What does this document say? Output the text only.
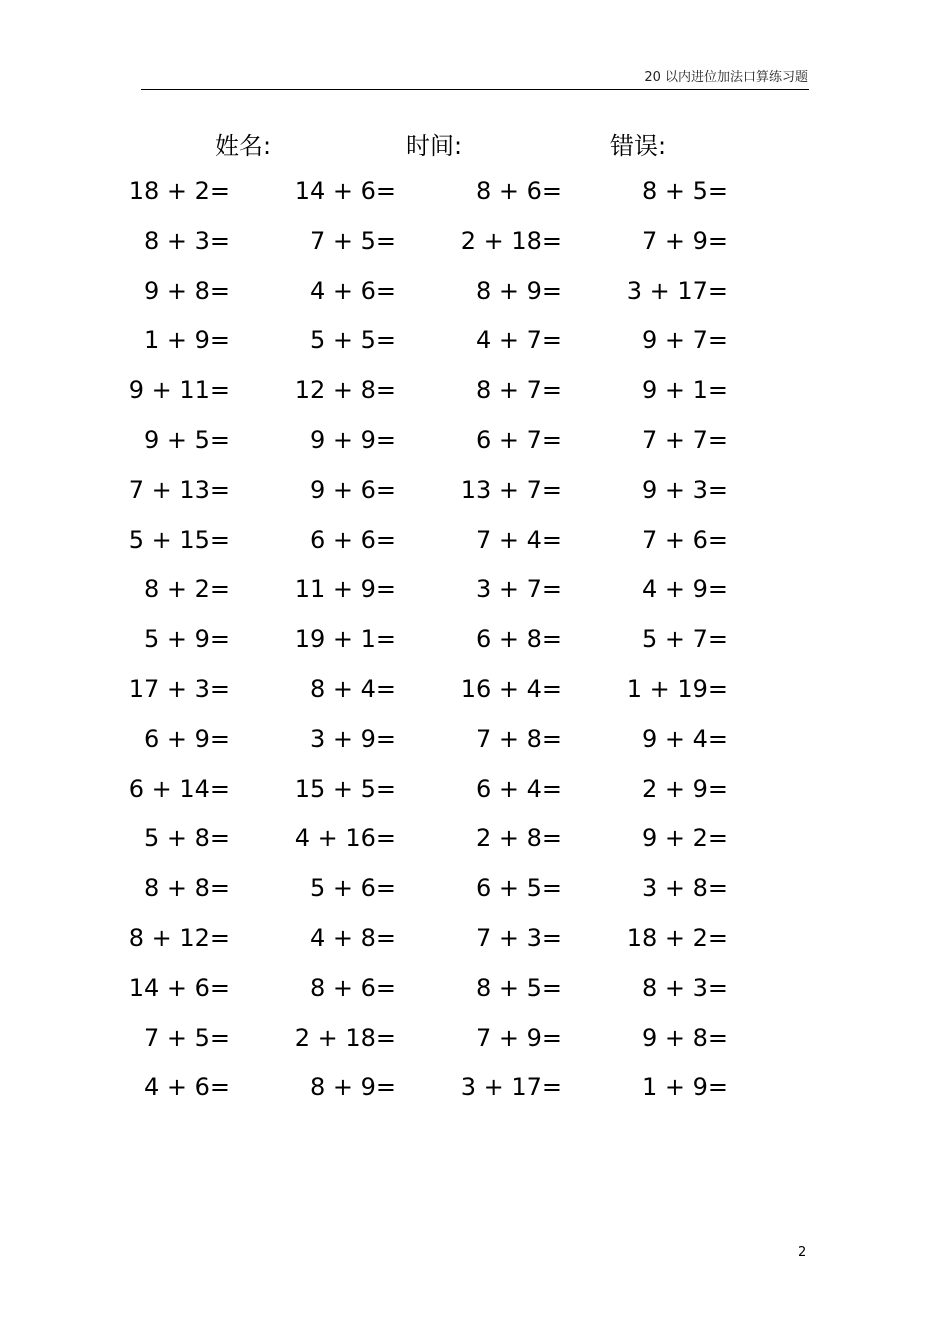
20 以内进位加法口算练习题
姓名:	时间:	错误:
18 + 2=	14 + 6=	8 + 6=	8 + 5=
8 + 3=	7 + 5=	2 + 18=	7 + 9=
9 + 8=	4 + 6=	8 + 9=	3 + 17=
1 + 9=	5 + 5=	4 + 7=	9 + 7=
9 + 11=	12 + 8=	8 + 7=	9 + 1=
9 + 5=	9 + 9=	6 + 7=	7 + 7=
7 + 13=	9 + 6=	13 + 7=	9 + 3=
5 + 15=	6 + 6=	7 + 4=	7 + 6=
8 + 2=	11 + 9=	3 + 7=	4 + 9=
5 + 9=	19 + 1=	6 + 8=	5 + 7=
17 + 3=	8 + 4=	16 + 4=	1 + 19=
6 + 9=	3 + 9=	7 + 8=	9 + 4=
6 + 14=	15 + 5=	6 + 4=	2 + 9=
5 + 8=	4 + 16=	2 + 8=	9 + 2=
8 + 8=	5 + 6=	6 + 5=	3 + 8=
8 + 12=	4 + 8=	7 + 3=	18 + 2=
14 + 6=	8 + 6=	8 + 5=	8 + 3=
7 + 5=	2 + 18=	7 + 9=	9 + 8=
4 + 6=	8 + 9=	3 + 17=	1 + 9=
2
